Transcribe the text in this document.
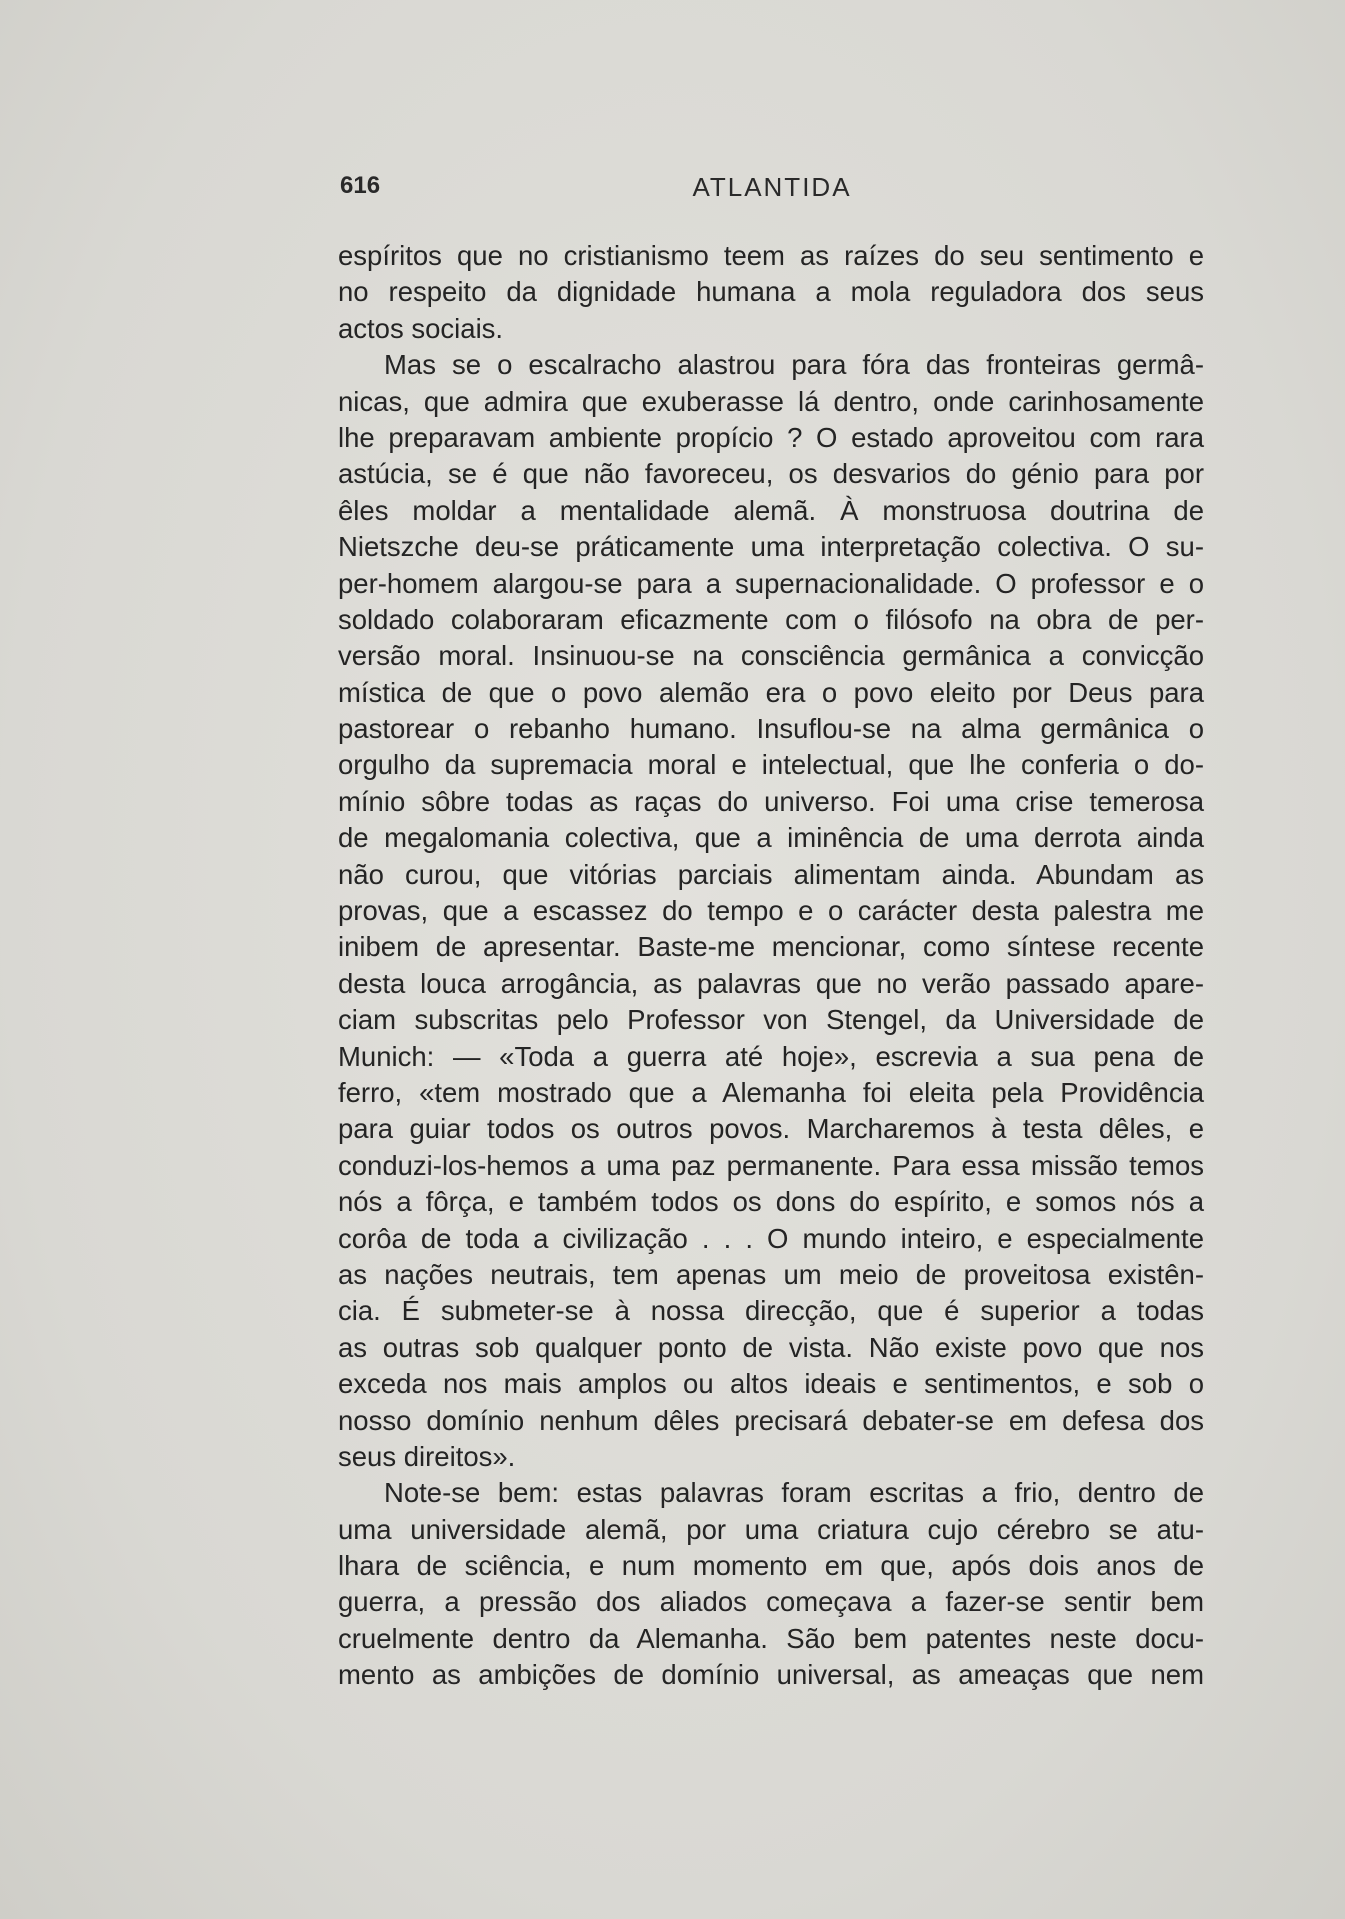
616	ATLANTIDA
espíritos que no cristianismo teem as raízes do seu sentimento e
no respeito da dignidade humana a mola reguladora dos seus
actos sociais.
Mas se o escalracho alastrou para fóra das fronteiras germâ-
nicas, que admira que exuberasse lá dentro, onde carinhosamente
lhe preparavam ambiente propício ? O estado aproveitou com rara
astúcia, se é que não favoreceu, os desvarios do génio para por
êles moldar a mentalidade alemã. À monstruosa doutrina de
Nietszche deu-se práticamente uma interpretação colectiva. O su-
per-homem alargou-se para a supernacionalidade. O professor e o
soldado colaboraram eficazmente com o filósofo na obra de per-
versão moral. Insinuou-se na consciência germânica a convicção
mística de que o povo alemão era o povo eleito por Deus para
pastorear o rebanho humano. Insuflou-se na alma germânica o
orgulho da supremacia moral e intelectual, que lhe conferia o do-
mínio sôbre todas as raças do universo. Foi uma crise temerosa
de megalomania colectiva, que a iminência de uma derrota ainda
não curou, que vitórias parciais alimentam ainda. Abundam as
provas, que a escassez do tempo e o carácter desta palestra me
inibem de apresentar. Baste-me mencionar, como síntese recente
desta louca arrogância, as palavras que no verão passado apare-
ciam subscritas pelo Professor von Stengel, da Universidade de
Munich: — «Toda a guerra até hoje», escrevia a sua pena de
ferro, «tem mostrado que a Alemanha foi eleita pela Providência
para guiar todos os outros povos. Marcharemos à testa dêles, e
conduzi-los-hemos a uma paz permanente. Para essa missão temos
nós a fôrça, e também todos os dons do espírito, e somos nós a
corôa de toda a civilização . . . O mundo inteiro, e especialmente
as nações neutrais, tem apenas um meio de proveitosa existên-
cia. É submeter-se à nossa direcção, que é superior a todas
as outras sob qualquer ponto de vista. Não existe povo que nos
exceda nos mais amplos ou altos ideais e sentimentos, e sob o
nosso domínio nenhum dêles precisará debater-se em defesa dos
seus direitos».
Note-se bem: estas palavras foram escritas a frio, dentro de
uma universidade alemã, por uma criatura cujo cérebro se atu-
lhara de sciência, e num momento em que, após dois anos de
guerra, a pressão dos aliados começava a fazer-se sentir bem
cruelmente dentro da Alemanha. São bem patentes neste docu-
mento as ambições de domínio universal, as ameaças que nem
